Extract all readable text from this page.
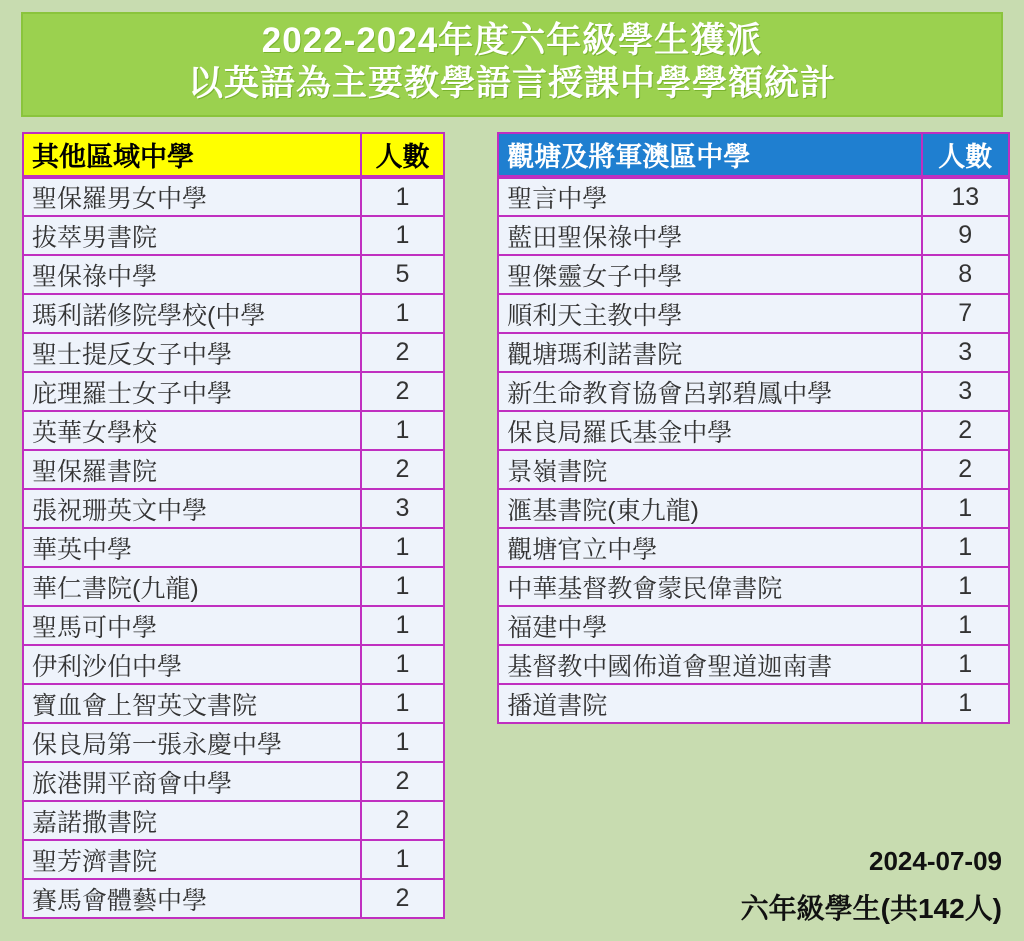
2022-2024年度六年級學生獲派
以英語為主要教學語言授課中學學額統計
其他區域中學	人數
聖保羅男女中學	1
拔萃男書院	1
聖保祿中學	5
瑪利諾修院學校(中學	1
聖士提反女子中學	2
庇理羅士女子中學	2
英華女學校	1
聖保羅書院	2
張祝珊英文中學	3
華英中學	1
華仁書院(九龍)	1
聖馬可中學	1
伊利沙伯中學	1
寶血會上智英文書院	1
保良局第一張永慶中學	1
旅港開平商會中學	2
嘉諾撒書院	2
聖芳濟書院	1
賽馬會體藝中學	2
觀塘及將軍澳區中學	人數
聖言中學	13
藍田聖保祿中學	9
聖傑靈女子中學	8
順利天主教中學	7
觀塘瑪利諾書院	3
新生命教育協會呂郭碧鳳中學	3
保良局羅氏基金中學	2
景嶺書院	2
滙基書院(東九龍)	1
觀塘官立中學	1
中華基督教會蒙民偉書院	1
福建中學	1
基督教中國佈道會聖道迦南書	1
播道書院	1
2024-07-09
六年級學生(共142人)
